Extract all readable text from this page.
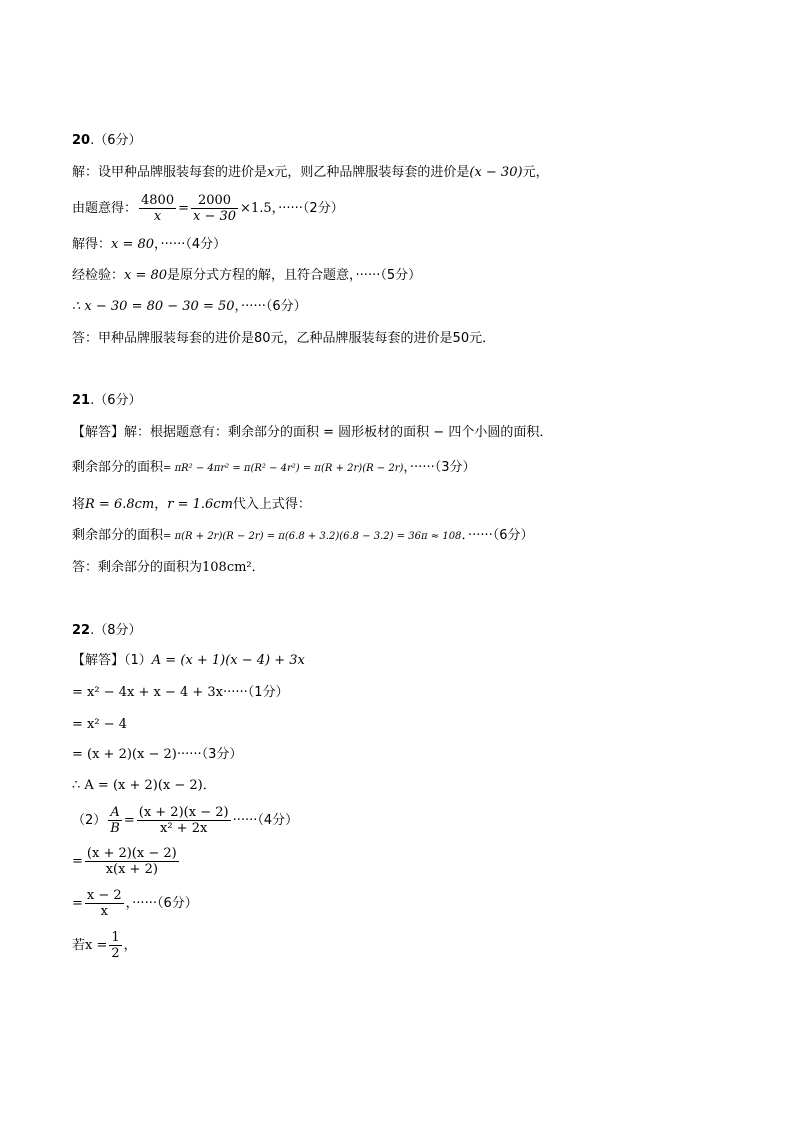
20.（6分）
解：设甲种品牌服装每套的进价是x元，则乙种品牌服装每套的进价是(x − 30)元，
由题意得： $\frac{4800}{x} = \frac{2000}{x - 30} \times 1.5$，······（2分）
解得：x = 80，······（4分）
经检验：x = 80是原分式方程的解，且符合题意，······（5分）
∴ x − 30 = 80 − 30 = 50，······（6分）
答：甲种品牌服装每套的进价是80元，乙种品牌服装每套的进价是50元．
21.（6分）
【解答】解：根据题意有：剩余部分的面积 = 圆形板材的面积 − 四个小圆的面积．
剩余部分的面积= πR² − 4πr² = π(R² − 4r²) = π(R + 2r)(R − 2r)，······（3分）
将R = 6.8cm，r = 1.6cm代入上式得：
剩余部分的面积= π(R + 2r)(R − 2r) = π(6.8 + 3.2)(6.8 − 3.2) = 36π ≈ 108．······（6分）
答：剩余部分的面积为108cm²．
22.（8分）
【解答】（1）A = (x + 1)(x − 4) + 3x
= x² − 4x + x − 4 + 3x······（1分）
= x² − 4
= (x + 2)(x − 2)······（3分）
∴ A = (x + 2)(x − 2)．
$(2) \frac{A}{B} = \frac{(x + 2)(x - 2)}{\text{x² + 2x}} \cdot\cdot\cdot\cdot\cdot\cdot(4$分）
= $\frac{(x + 2)(x - 2)}{x(x + 2)}$
= $\frac{x - 2}{x}$ ，······（6分）
若$x = \frac{1}{2}$ ，
